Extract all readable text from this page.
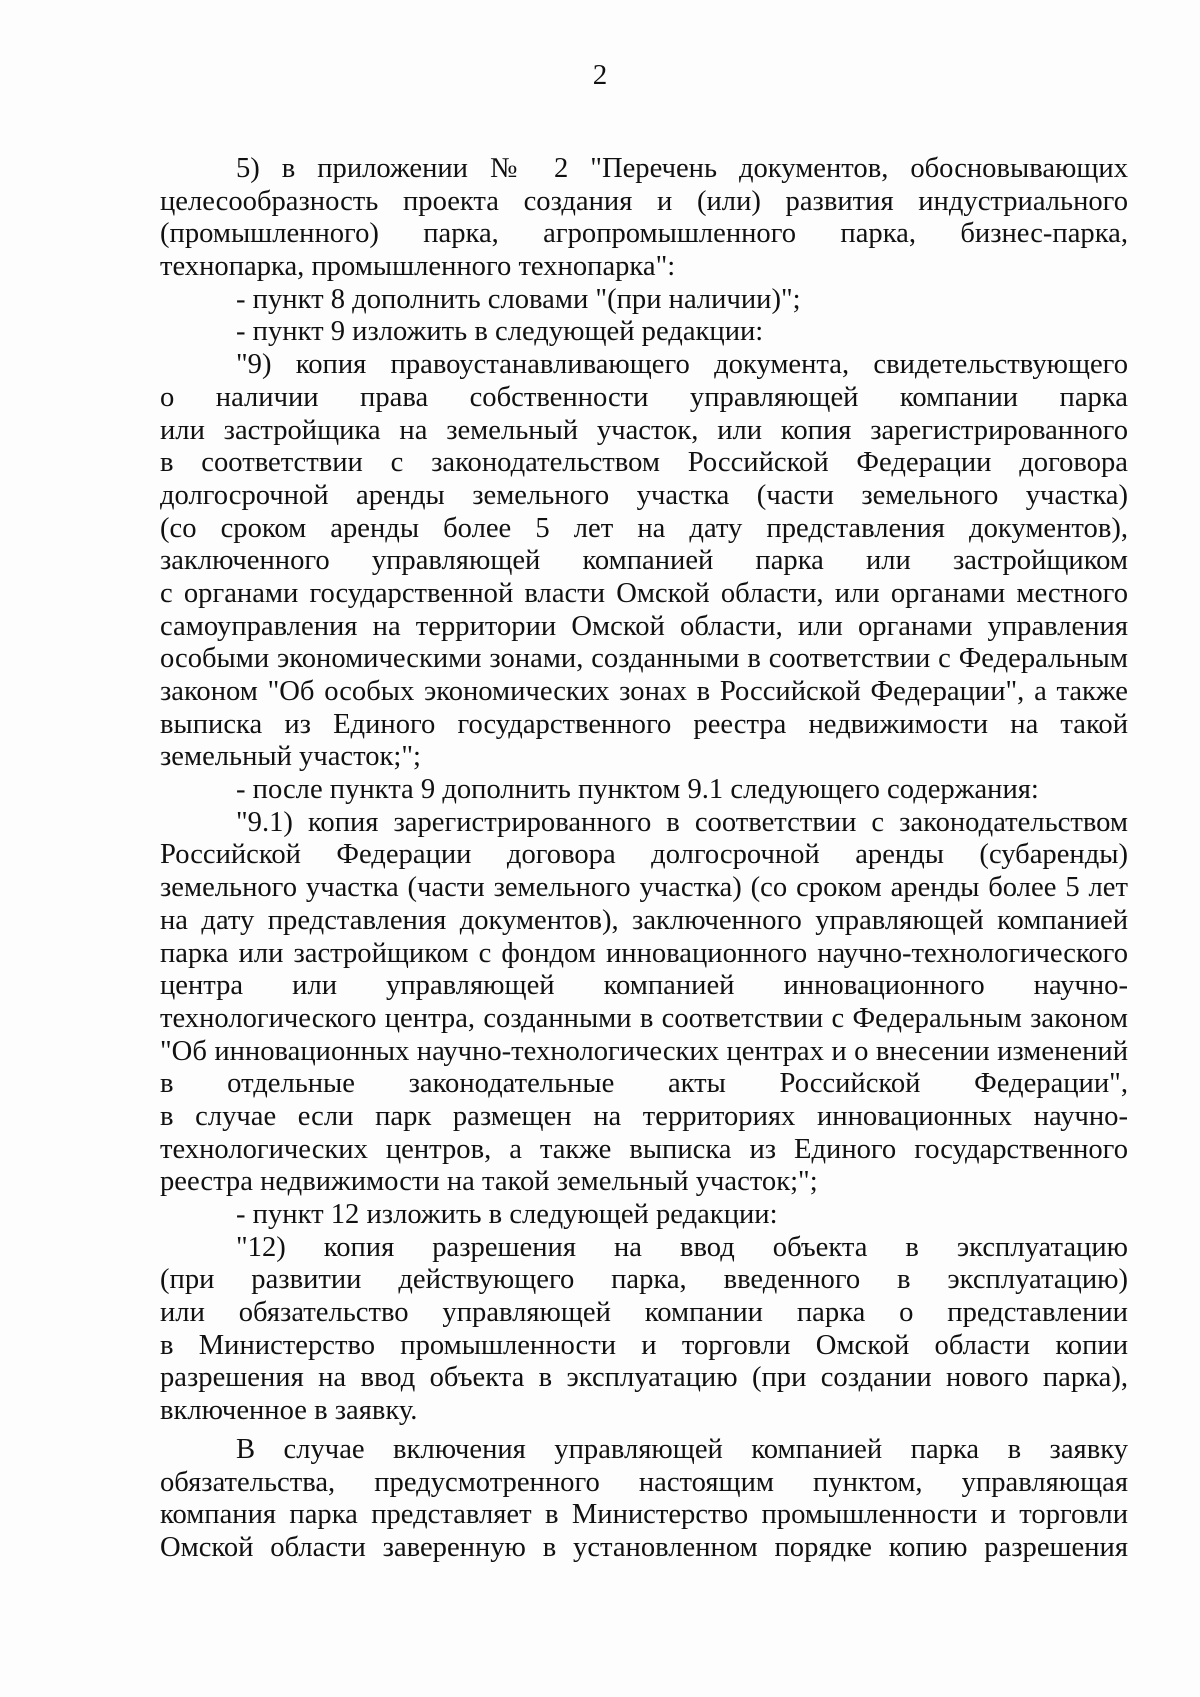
2
5) в приложении № 2 "Перечень документов, обосновывающих
целесообразность проекта создания и (или) развития индустриального
(промышленного) парка, агропромышленного парка, бизнес-парка,
технопарка, промышленного технопарка":
- пункт 8 дополнить словами "(при наличии)";
- пункт 9 изложить в следующей редакции:
"9) копия правоустанавливающего документа, свидетельствующего
о наличии права собственности управляющей компании парка
или застройщика на земельный участок, или копия зарегистрированного
в соответствии с законодательством Российской Федерации договора
долгосрочной аренды земельного участка (части земельного участка)
(со сроком аренды более 5 лет на дату представления документов),
заключенного управляющей компанией парка или застройщиком
с органами государственной власти Омской области, или органами местного
самоуправления на территории Омской области, или органами управления
особыми экономическими зонами, созданными в соответствии с Федеральным
законом "Об особых экономических зонах в Российской Федерации", а также
выписка из Единого государственного реестра недвижимости на такой
земельный участок;";
- после пункта 9 дополнить пунктом 9.1 следующего содержания:
"9.1) копия зарегистрированного в соответствии с законодательством
Российской Федерации договора долгосрочной аренды (субаренды)
земельного участка (части земельного участка) (со сроком аренды более 5 лет
на дату представления документов), заключенного управляющей компанией
парка или застройщиком с фондом инновационного научно-технологического
центра или управляющей компанией инновационного научно-
технологического центра, созданными в соответствии с Федеральным законом
"Об инновационных научно-технологических центрах и о внесении изменений
в отдельные законодательные акты Российской Федерации",
в случае если парк размещен на территориях инновационных научно-
технологических центров, а также выписка из Единого государственного
реестра недвижимости на такой земельный участок;";
- пункт 12 изложить в следующей редакции:
"12) копия разрешения на ввод объекта в эксплуатацию
(при развитии действующего парка, введенного в эксплуатацию)
или обязательство управляющей компании парка о представлении
в Министерство промышленности и торговли Омской области копии
разрешения на ввод объекта в эксплуатацию (при создании нового парка),
включенное в заявку.
В случае включения управляющей компанией парка в заявку
обязательства, предусмотренного настоящим пунктом, управляющая
компания парка представляет в Министерство промышленности и торговли
Омской области заверенную в установленном порядке копию разрешения
